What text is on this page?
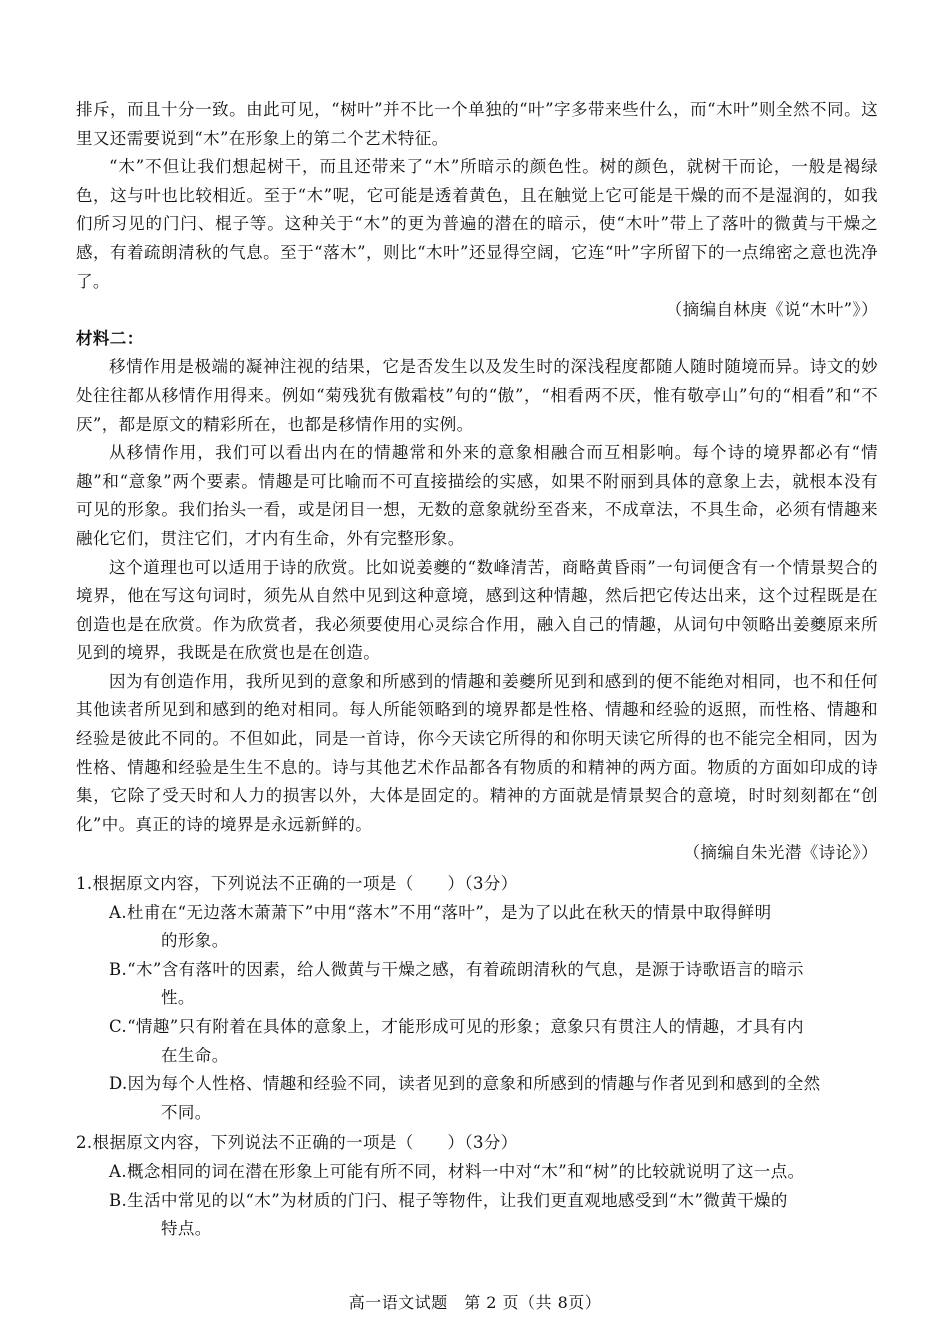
排斥，而且十分一致。由此可见，“树叶”并不比一个单独的“叶”字多带来些什么，而“木叶”则全然不同。这里又还需要说到“木”在形象上的第二个艺术特征。

“木”不但让我们想起树干，而且还带来了“木”所暗示的颜色性。树的颜色，就树干而论，一般是褐绿色，这与叶也比较相近。至于“木”呢，它可能是透着黄色，且在触觉上它可能是干燥的而不是湿润的，如我们所习见的门闩、棍子等。这种关于“木”的更为普遍的潜在的暗示，使“木叶”带上了落叶的微黄与干燥之感，有着疏朗清秋的气息。至于“落木”，则比“木叶”还显得空阔，它连“叶”字所留下的一点绵密之意也洗净了。

（摘编自林庚《说“木叶”》）

材料二：

移情作用是极端的凝神注视的结果，它是否发生以及发生时的深浅程度都随人随时随境而异。诗文的妙处往往都从移情作用得来。例如“菊残犹有傲霜枝”句的“傲”，“相看两不厌，惟有敬亭山”句的“相看”和“不厌”，都是原文的精彩所在，也都是移情作用的实例。

从移情作用，我们可以看出内在的情趣常和外来的意象相融合而互相影响。每个诗的境界都必有“情趣”和“意象”两个要素。情趣是可比喻而不可直接描绘的实感，如果不附丽到具体的意象上去，就根本没有可见的形象。我们抬头一看，或是闭目一想，无数的意象就纷至沓来，不成章法，不具生命，必须有情趣来融化它们，贯注它们，才内有生命，外有完整形象。

这个道理也可以适用于诗的欣赏。比如说姜夔的“数峰清苦，商略黄昏雨”一句词便含有一个情景契合的境界，他在写这句词时，须先从自然中见到这种意境，感到这种情趣，然后把它传达出来，这个过程既是在创造也是在欣赏。作为欣赏者，我必须要使用心灵综合作用，融入自己的情趣，从词句中领略出姜夔原来所见到的境界，我既是在欣赏也是在创造。

因为有创造作用，我所见到的意象和所感到的情趣和姜夔所见到和感到的便不能绝对相同，也不和任何其他读者所见到和感到的绝对相同。每人所能领略到的境界都是性格、情趣和经验的返照，而性格、情趣和经验是彼此不同的。不但如此，同是一首诗，你今天读它所得的和你明天读它所得的也不能完全相同，因为性格、情趣和经验是生生不息的。诗与其他艺术作品都各有物质的和精神的两方面。物质的方面如印成的诗集，它除了受天时和人力的损害以外，大体是固定的。精神的方面就是情景契合的意境，时时刻刻都在“创化”中。真正的诗的境界是永远新鲜的。

（摘编自朱光潜《诗论》）

1.根据原文内容，下列说法不正确的一项是（　　）（3分）

A.杜甫在“无边落木萧萧下”中用“落木”不用“落叶”，是为了以此在秋天的情景中取得鲜明
的形象。

B.“木”含有落叶的因素，给人微黄与干燥之感，有着疏朗清秋的气息，是源于诗歌语言的暗示
性。

C.“情趣”只有附着在具体的意象上，才能形成可见的形象；意象只有贯注人的情趣，才具有内
在生命。

D.因为每个人性格、情趣和经验不同，读者见到的意象和所感到的情趣与作者见到和感到的全然
不同。

2.根据原文内容，下列说法不正确的一项是（　　）（3分）

A.概念相同的词在潜在形象上可能有所不同，材料一中对“木”和“树”的比较就说明了这一点。

B.生活中常见的以“木”为材质的门闩、棍子等物件，让我们更直观地感受到“木”微黄干燥的
特点。

高一语文试题　第 2 页（共 8页）
